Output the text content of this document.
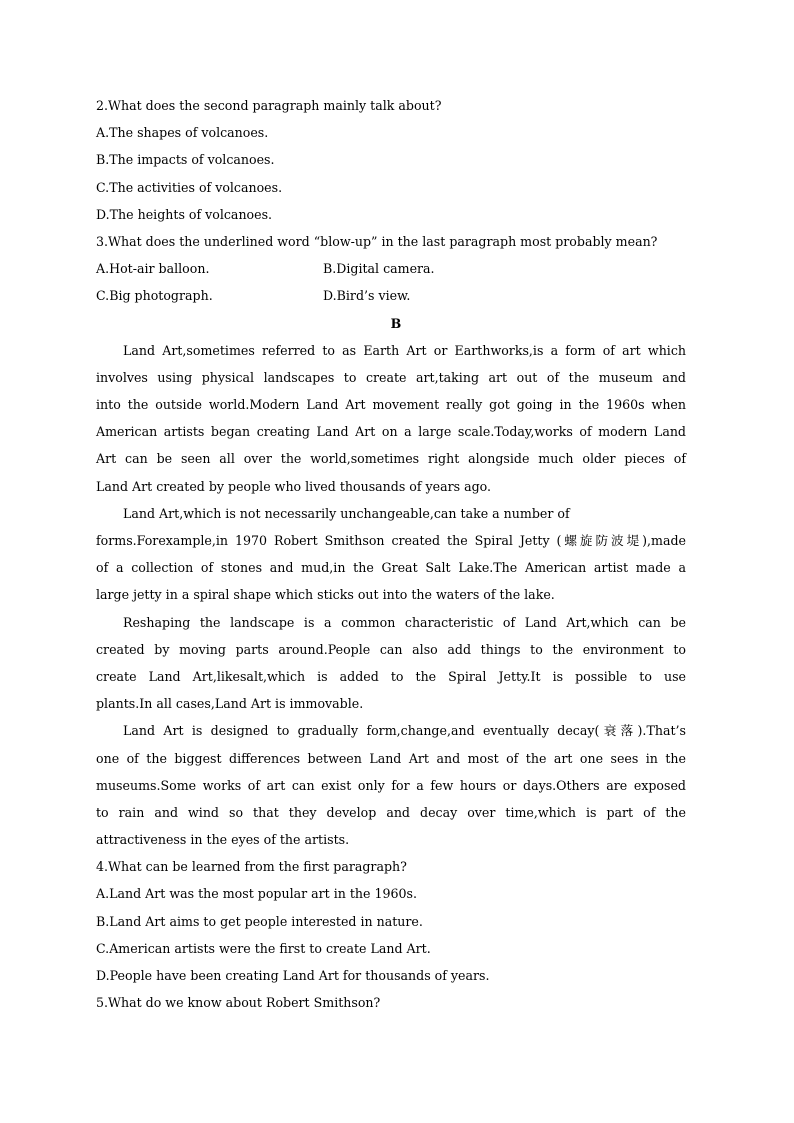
2.What does the second paragraph mainly talk about?
A.The shapes of volcanoes.
B.The impacts of volcanoes.
C.The activities of volcanoes.
D.The heights of volcanoes.
3.What does the underlined word “blow-up” in the last paragraph most probably mean?
A.Hot-air balloon.	B.Digital camera.
C.Big photograph.	D.Bird’s view.
B
Land Art,sometimes referred to as Earth Art or Earthworks,is a form of art which
involves using physical landscapes to create art,taking art out of the museum and
into the outside world.Modern Land Art movement really got going in the 1960s when
American artists began creating Land Art on a large scale.Today,works of modern Land
Art can be seen all over the world,sometimes right alongside much older pieces of
Land Art created by people who lived thousands of years ago.
Land Art,which is not necessarily unchangeable,can take a number of
forms.Forexample,in 1970 Robert Smithson created the Spiral Jetty (螺旋防波堤),made
of a collection of stones and mud,in the Great Salt Lake.The American artist made a
large jetty in a spiral shape which sticks out into the waters of the lake.
Reshaping the landscape is a common characteristic of Land Art,which can be
created by moving parts around.People can also add things to the environment to
create Land Art,likesalt,which is added to the Spiral Jetty.It is possible to use
plants.In all cases,Land Art is immovable.
Land Art is designed to gradually form,change,and eventually decay(衰落).That’s
one of the biggest differences between Land Art and most of the art one sees in the
museums.Some works of art can exist only for a few hours or days.Others are exposed
to rain and wind so that they develop and decay over time,which is part of the
attractiveness in the eyes of the artists.
4.What can be learned from the first paragraph?
A.Land Art was the most popular art in the 1960s.
B.Land Art aims to get people interested in nature.
C.American artists were the first to create Land Art.
D.People have been creating Land Art for thousands of years.
5.What do we know about Robert Smithson?
